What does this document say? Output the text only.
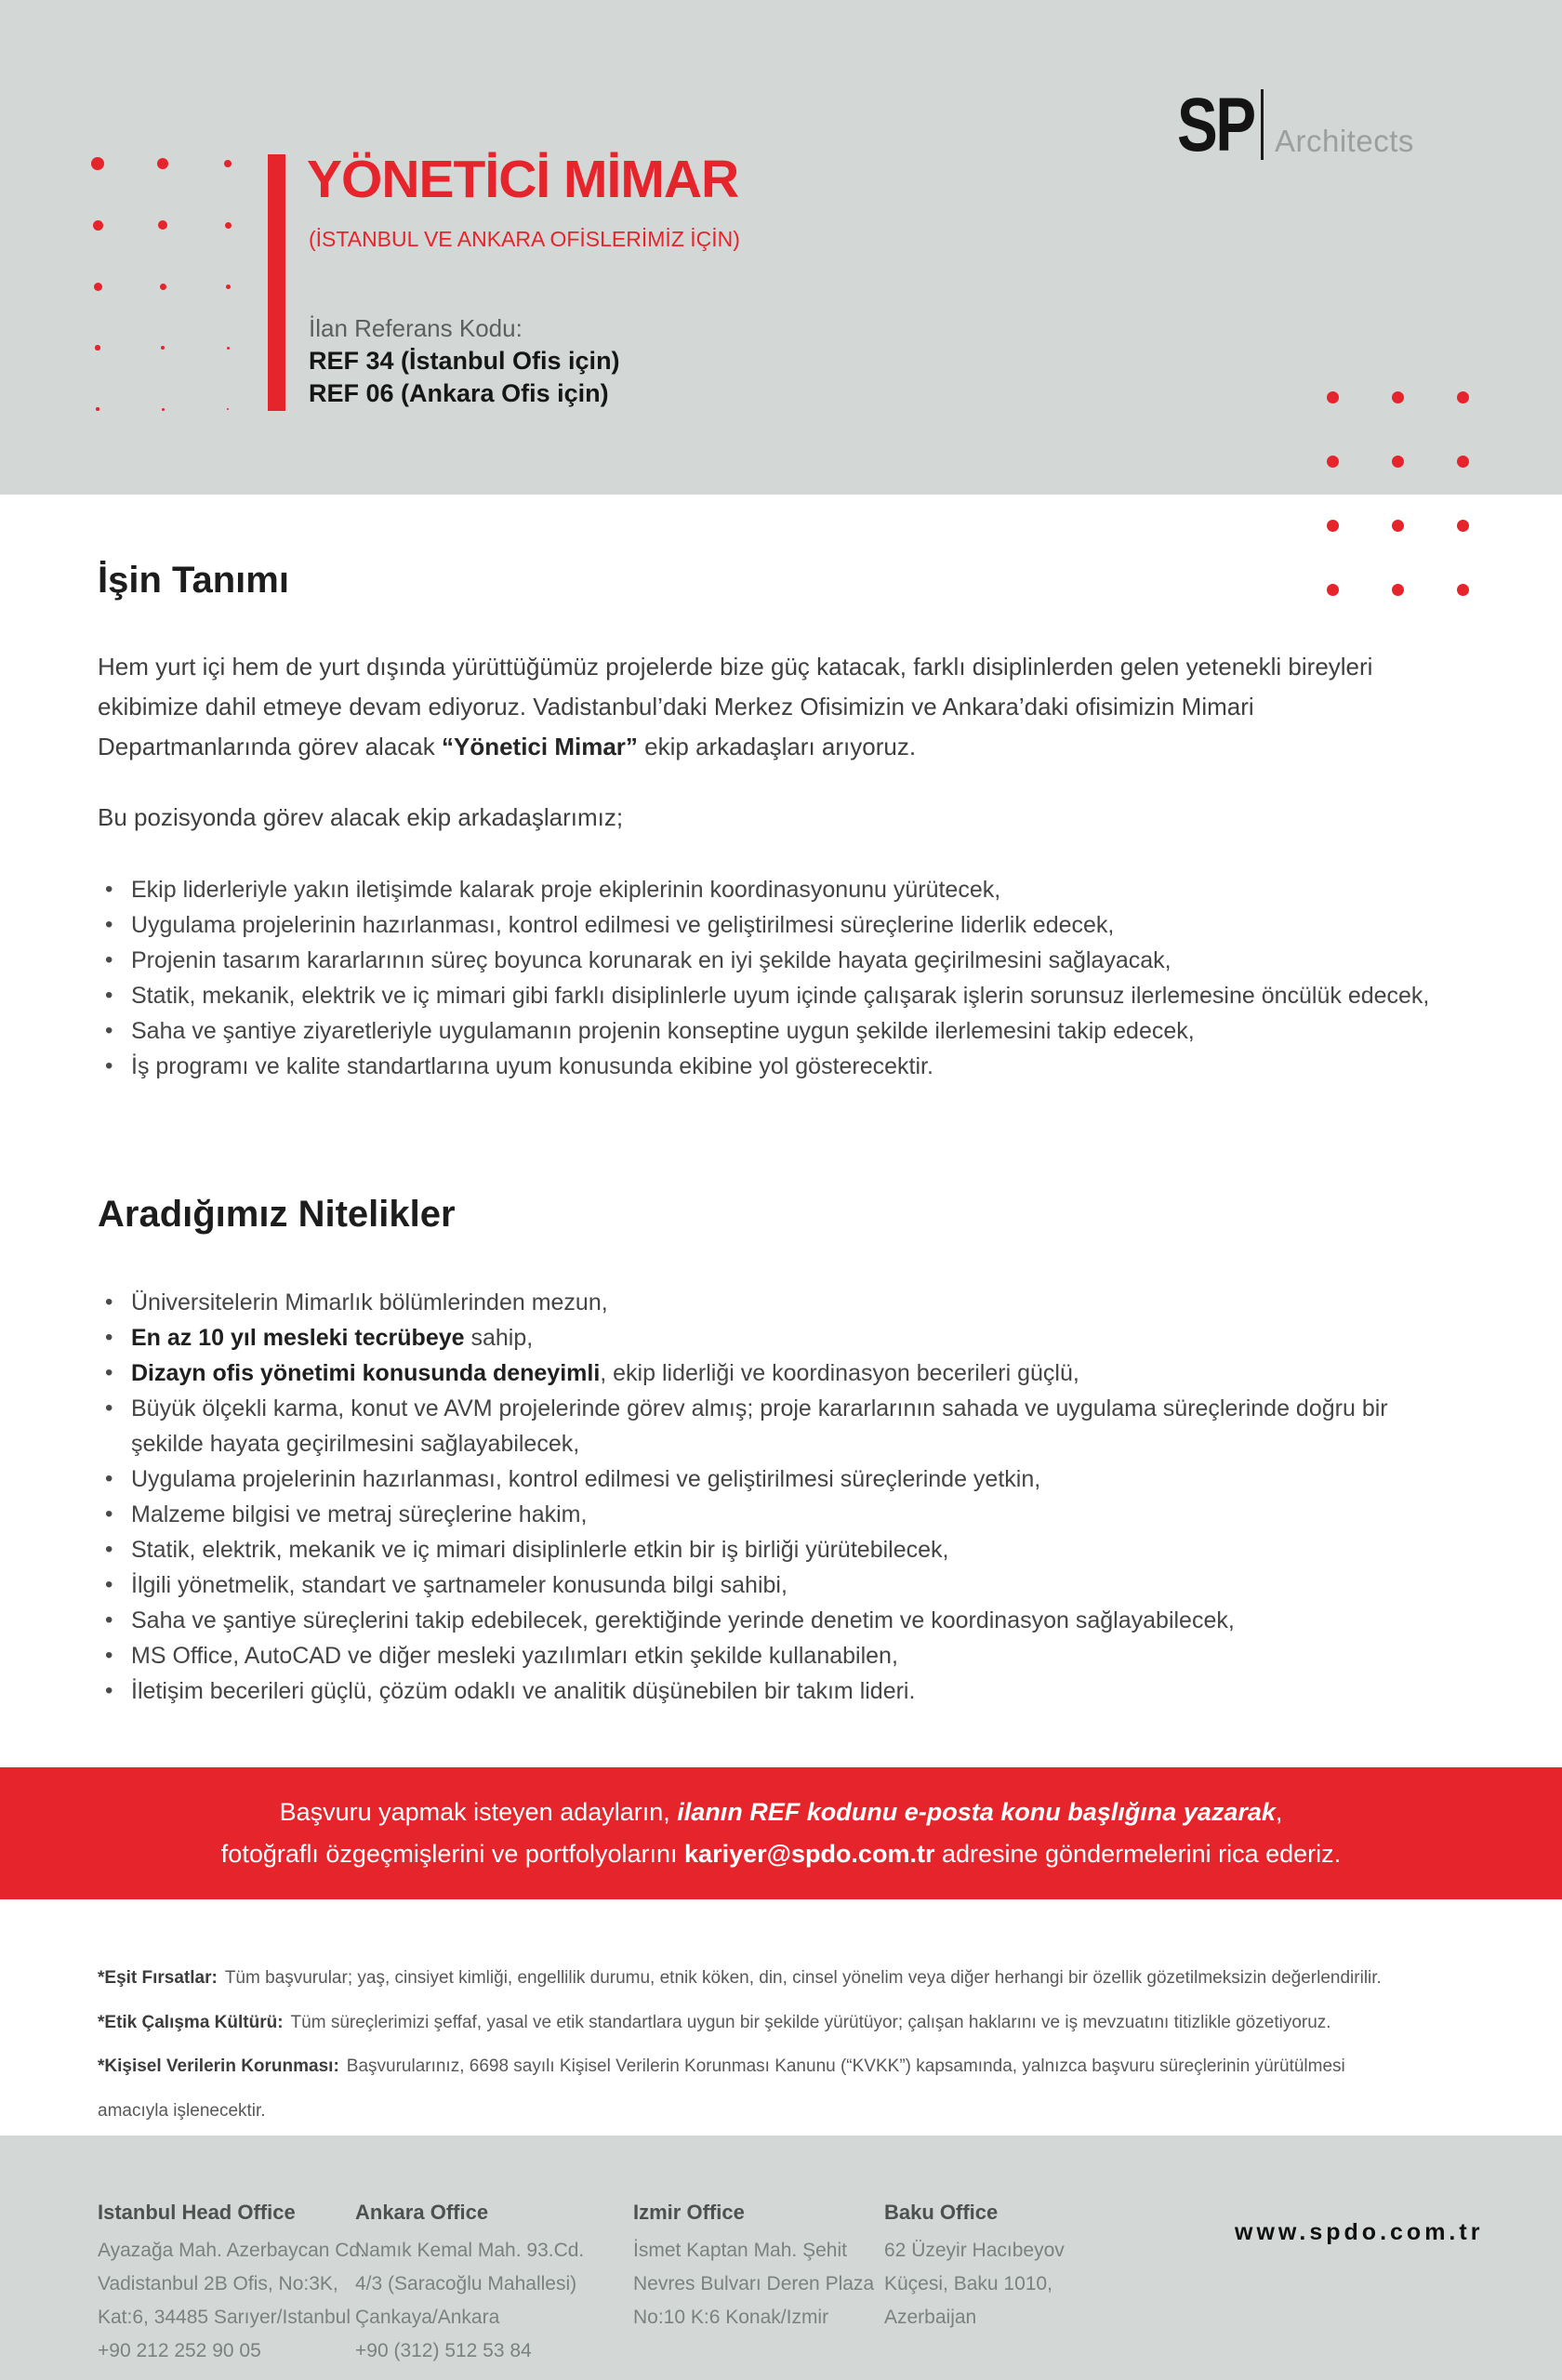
YÖNETİCİ MİMAR
(İSTANBUL VE ANKARA OFİSLERİMİZ İÇİN)
İlan Referans Kodu:
REF 34 (İstanbul Ofis için)
REF 06 (Ankara Ofis için)
SP Architects
İşin Tanımı

Hem yurt içi hem de yurt dışında yürüttüğümüz projelerde bize güç katacak, farklı disiplinlerden gelen yetenekli bireyleri ekibimize dahil etmeye devam ediyoruz. Vadistanbul’daki Merkez Ofisimizin ve Ankara’daki ofisimizin Mimari Departmanlarında görev alacak “Yönetici Mimar” ekip arkadaşları arıyoruz.

Bu pozisyonda görev alacak ekip arkadaşlarımız;

• Ekip liderleriyle yakın iletişimde kalarak proje ekiplerinin koordinasyonunu yürütecek,
• Uygulama projelerinin hazırlanması, kontrol edilmesi ve geliştirilmesi süreçlerine liderlik edecek,
• Projenin tasarım kararlarının süreç boyunca korunarak en iyi şekilde hayata geçirilmesini sağlayacak,
• Statik, mekanik, elektrik ve iç mimari gibi farklı disiplinlerle uyum içinde çalışarak işlerin sorunsuz ilerlemesine öncülük edecek,
• Saha ve şantiye ziyaretleriyle uygulamanın projenin konseptine uygun şekilde ilerlemesini takip edecek,
• İş programı ve kalite standartlarına uyum konusunda ekibine yol gösterecektir.
Aradığımız Nitelikler
• Üniversitelerin Mimarlık bölümlerinden mezun,
• En az 10 yıl mesleki tecrübeye sahip,
• Dizayn ofis yönetimi konusunda deneyimli, ekip liderliği ve koordinasyon becerileri güçlü,
• Büyük ölçekli karma, konut ve AVM projelerinde görev almış; proje kararlarının sahada ve uygulama süreçlerinde doğru bir şekilde hayata geçirilmesini sağlayabilecek,
• Uygulama projelerinin hazırlanması, kontrol edilmesi ve geliştirilmesi süreçlerinde yetkin,
• Malzeme bilgisi ve metraj süreçlerine hakim,
• Statik, elektrik, mekanik ve iç mimari disiplinlerle etkin bir iş birliği yürütebilecek,
• İlgili yönetmelik, standart ve şartnameler konusunda bilgi sahibi,
• Saha ve şantiye süreçlerini takip edebilecek, gerektiğinde yerinde denetim ve koordinasyon sağlayabilecek,
• MS Office, AutoCAD ve diğer mesleki yazılımları etkin şekilde kullanabilen,
• İletişim becerileri güçlü, çözüm odaklı ve analitik düşünebilen bir takım lideri.
Başvuru yapmak isteyen adayların, ilanın REF kodunu e-posta konu başlığına yazarak,
fotoğraflı özgeçmişlerini ve portfolyolarını kariyer@spdo.com.tr adresine göndermelerini rica ederiz.

*Eşit Fırsatlar: Tüm başvurular; yaş, cinsiyet kimliği, engellilik durumu, etnik köken, din, cinsel yönelim veya diğer herhangi bir özellik gözetilmeksizin değerlendirilir.

*Etik Çalışma Kültürü: Tüm süreçlerimizi şeffaf, yasal ve etik standartlara uygun bir şekilde yürütüyor; çalışan haklarını ve iş mevzuatını titizlikle gözetiyoruz.

*Kişisel Verilerin Korunması: Başvurularınız, 6698 sayılı Kişisel Verilerin Korunması Kanunu (“KVKK”) kapsamında, yalnızca başvuru süreçlerinin yürütülmesi
amacıyla işlenecektir.

Istanbul Head Office
Ayazağa Mah. Azerbaycan Cd.
Vadistanbul 2B Ofis, No:3K,
Kat:6, 34485 Sarıyer/Istanbul
+90 212 252 90 05
Ankara Office
Namık Kemal Mah. 93.Cd.
4/3 (Saracoğlu Mahallesi)
Çankaya/Ankara
+90 (312) 512 53 84
Izmir Office
İsmet Kaptan Mah. Şehit
Nevres Bulvarı Deren Plaza
No:10 K:6 Konak/Izmir
Baku Office
62 Üzeyir Hacıbeyov
Küçesi, Baku 1010,
Azerbaijan
www.spdo.com.tr
